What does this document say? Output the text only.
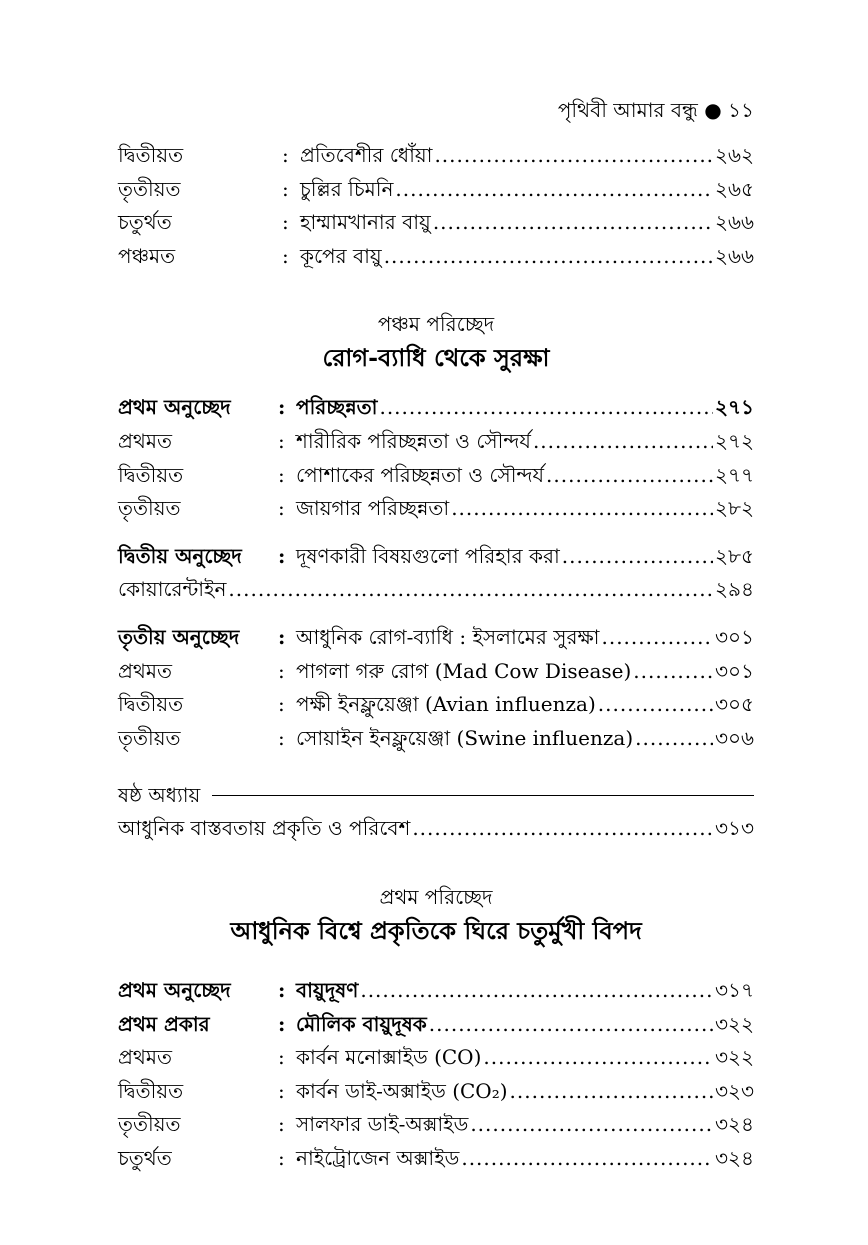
পৃথিবী আমার বন্ধু ● ১১
দ্বিতীয়ত	: প্রতিবেশীর ধোঁয়া .....	২৬২
তৃতীয়ত	: চুল্লির চিমনি .....	২৬৫
চতুর্থত	: হাম্মামখানার বায়ু .....	২৬৬
পঞ্চমত	: কূপের বায়ু .....	২৬৬
পঞ্চম পরিচ্ছেদ
রোগ-ব্যাধি থেকে সুরক্ষা
প্রথম অনুচ্ছেদ	: পরিচ্ছন্নতা .....	২৭১
প্রথমত	: শারীরিক পরিচ্ছন্নতা ও সৌন্দর্য .....	২৭২
দ্বিতীয়ত	: পোশাকের পরিচ্ছন্নতা ও সৌন্দর্য .....	২৭৭
তৃতীয়ত	: জায়গার পরিচ্ছন্নতা .....	২৮২
দ্বিতীয় অনুচ্ছেদ	: দূষণকারী বিষয়গুলো পরিহার করা .....	২৮৫
কোয়ারেন্টাইন .....	২৯৪
তৃতীয় অনুচ্ছেদ	: আধুনিক রোগ-ব্যাধি : ইসলামের সুরক্ষা .....	৩০১
প্রথমত	: পাগলা গরু রোগ (Mad Cow Disease) .....	৩০১
দ্বিতীয়ত	: পক্ষী ইনফ্লুয়েঞ্জা (Avian influenza) .....	৩০৫
তৃতীয়ত	: সোয়াইন ইনফ্লুয়েঞ্জা (Swine influenza) .....	৩০৬
ষষ্ঠ অধ্যায়
আধুনিক বাস্তবতায় প্রকৃতি ও পরিবেশ .....	৩১৩
প্রথম পরিচ্ছেদ
আধুনিক বিশ্বে প্রকৃতিকে ঘিরে চতুর্মুখী বিপদ
প্রথম অনুচ্ছেদ	: বায়ুদূষণ .....	৩১৭
প্রথম প্রকার	: মৌলিক বায়ুদূষক .....	৩২২
প্রথমত	: কার্বন মনোক্সাইড (CO) .....	৩২২
দ্বিতীয়ত	: কার্বন ডাই-অক্সাইড (CO₂) .....	৩২৩
তৃতীয়ত	: সালফার ডাই-অক্সাইড .....	৩২৪
চতুর্থত	: নাইট্রোজেন অক্সাইড .....	৩২৪
